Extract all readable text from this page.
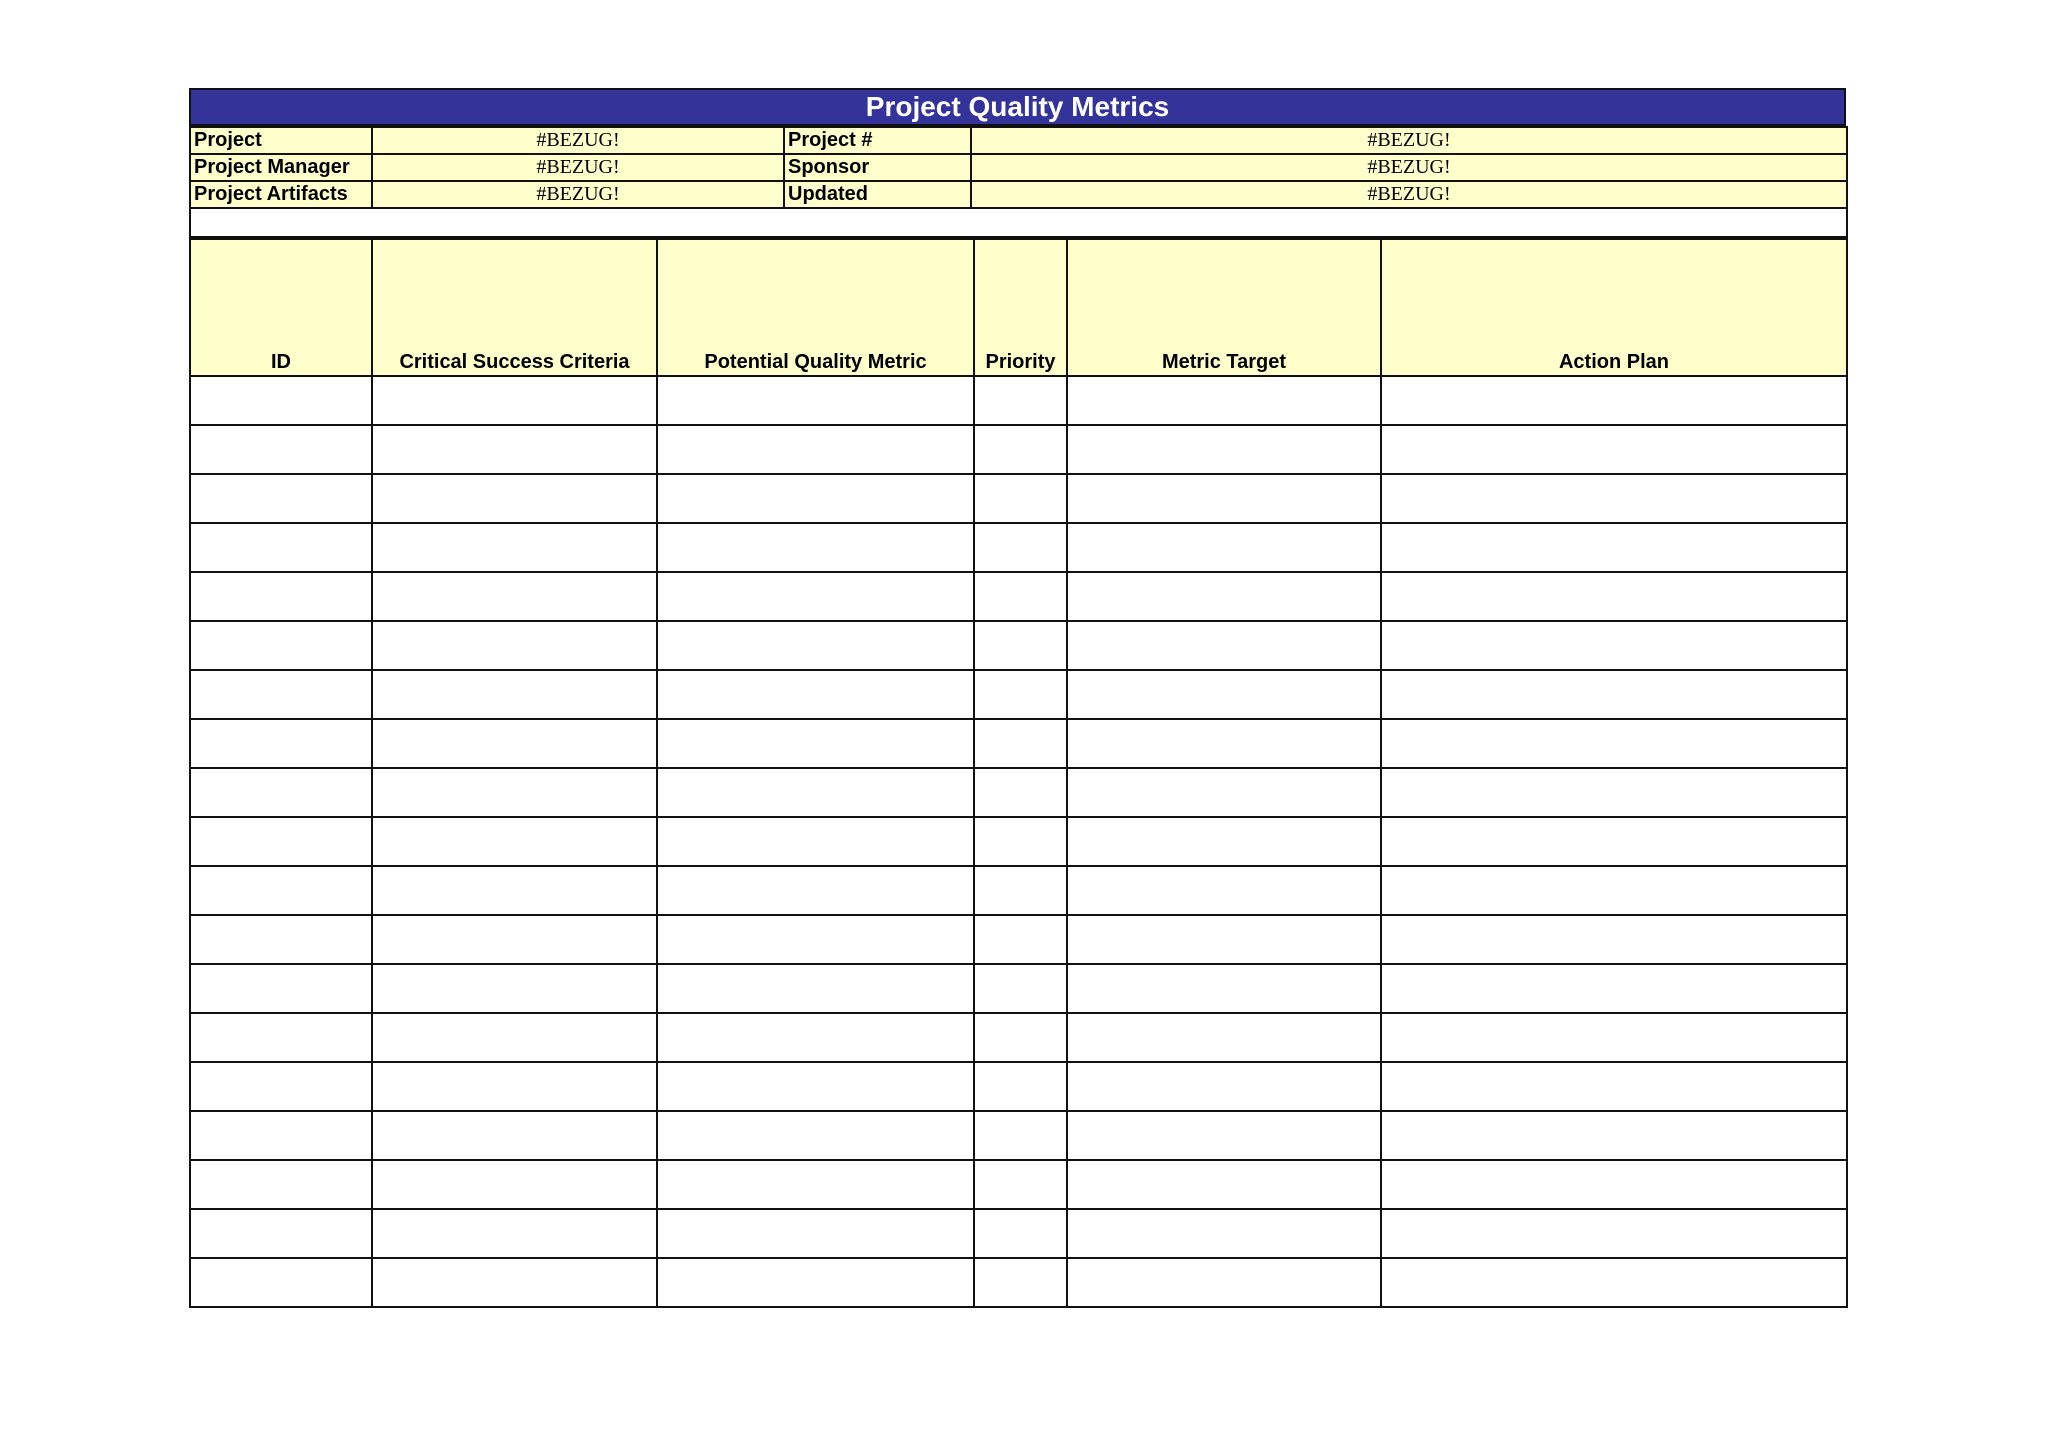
Project Quality Metrics
Project	#BEZUG!	Project #	#BEZUG!
Project Manager	#BEZUG!	Sponsor	#BEZUG!
Project Artifacts	#BEZUG!	Updated	#BEZUG!

ID	Critical Success Criteria	Potential Quality Metric	Priority	Metric Target	Action Plan
